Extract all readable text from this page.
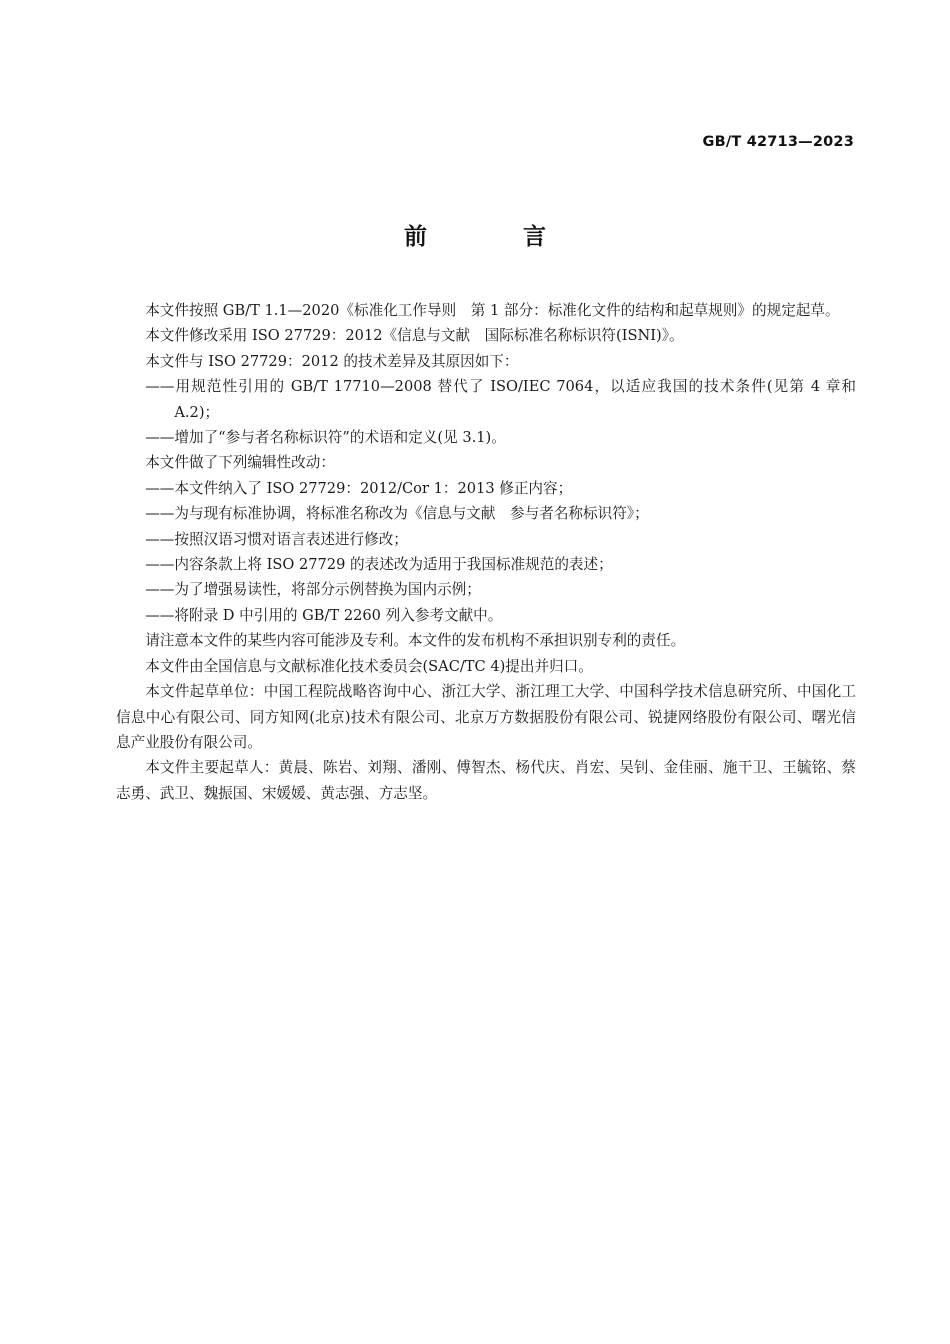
GB/T 42713—2023
前 言

本文件按照 GB/T 1.1—2020《标准化工作导则　第 1 部分：标准化文件的结构和起草规则》的规定起草。

本文件修改采用 ISO 27729：2012《信息与文献　国际标准名称标识符(ISNI)》。

本文件与 ISO 27729：2012 的技术差异及其原因如下：

——用规范性引用的 GB/T 17710—2008 替代了 ISO/IEC 7064，以适应我国的技术条件(见第 4 章和 A.2)；

——增加了“参与者名称标识符”的术语和定义(见 3.1)。

本文件做了下列编辑性改动：

——本文件纳入了 ISO 27729：2012/Cor 1：2013 修正内容；

——为与现有标准协调，将标准名称改为《信息与文献　参与者名称标识符》；

——按照汉语习惯对语言表述进行修改；

——内容条款上将 ISO 27729 的表述改为适用于我国标准规范的表述；

——为了增强易读性，将部分示例替换为国内示例；

——将附录 D 中引用的 GB/T 2260 列入参考文献中。

请注意本文件的某些内容可能涉及专利。本文件的发布机构不承担识别专利的责任。

本文件由全国信息与文献标准化技术委员会(SAC/TC 4)提出并归口。

本文件起草单位：中国工程院战略咨询中心、浙江大学、浙江理工大学、中国科学技术信息研究所、中国化工信息中心有限公司、同方知网(北京)技术有限公司、北京万方数据股份有限公司、锐捷网络股份有限公司、曙光信息产业股份有限公司。

本文件主要起草人：黄晨、陈岩、刘翔、潘刚、傅智杰、杨代庆、肖宏、吴钊、金佳丽、施干卫、王毓铭、蔡志勇、武卫、魏振国、宋媛媛、黄志强、方志坚。
